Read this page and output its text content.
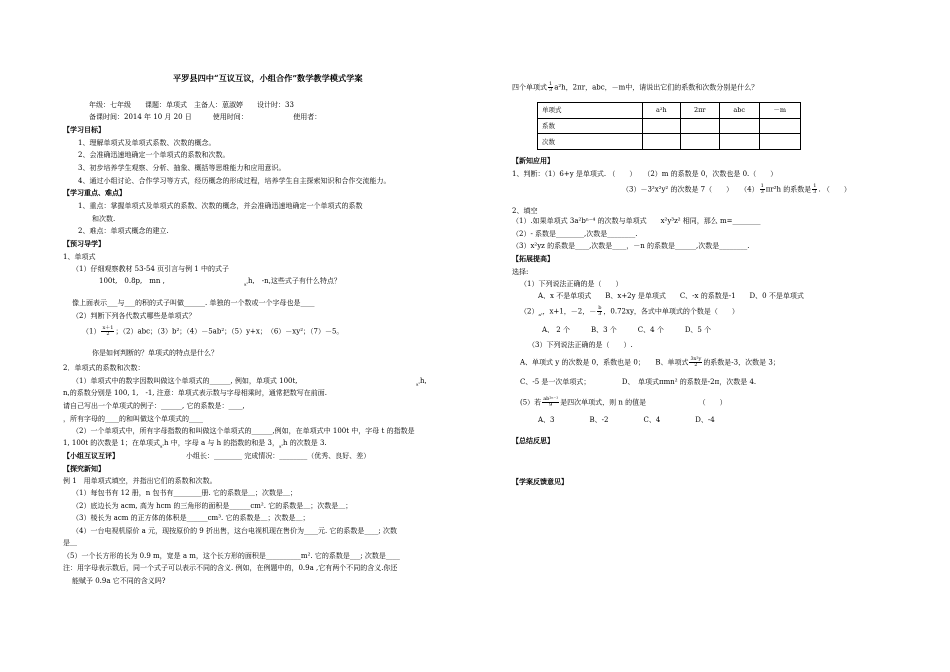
平罗县四中“互议互议，小组合作”数学教学模式学案
年级：七年级　　课题：单项式　主备人：葸淑婷　　设计时：33
备课时间：2014 年 10 月 20 日　　　使用时间：　　　　　　　使用者：
【学习目标】
1、理解单项式及单项式系数、次数的概念。
2、会准确迅速地确定一个单项式的系数和次数。
3、初步培养学生观察、分析、抽象、概括等思维能力和应用意识。
4、通过小组讨论、合作学习等方式，经历概念的形成过程，培养学生自主探索知识和合作交流能力。
【学习重点、难点】
1、重点：掌握单项式及单项式的系数、次数的概念，并会准确迅速地确定一个单项式的系数
和次数.
2、难点：单项式概念的建立.
【预习导学】
1、单项式
（1）仔细观察教材 53-54 页引言与例 1 中的式子
100t,　0.8p,　mn ,	$_{a^2}$h,　-n,这些式子有什么特点？
像上面表示___与___的积的式子叫做______. 单独的一个数或一个字母也是____
（2）判断下列各代数式哪些是单项式？
$(1) \frac{x+1}{2}$ ；（2）abc；（3）b²；（4）－5ab²；（5）y+x；　（6）－xy²；（7）－5。
你是如何判断的？单项式的特点是什么？
2．单项式的系数和次数：
（1）单项式中的数字因数叫做这个单项式的______, 例如，单项式 100t,	$_{a^2}$h,
n,的系数分别是 100, 1,　-1, 注意：单项式表示数与字母相乘时，通常把数写在前面.
请自己写出一个单项式的例子：______, 它的系数是：____,
，所有字母的____的和叫做这个单项式的____
（2）一个单项式中，所有字母指数的和叫做这个单项式的______,例如，在单项式中 100t 中，字母 t 的指数是
1, 100t 的次数是 1；在单项式$_{a^2}$h 中，字母 a 与 h 的指数的和是 3，$_{a^2}$h 的次数是 3.
【小组互议互评】	小组长：________ 完成情况：________（优秀、良好、差）
【探究新知】
例 1　用单项式填空，并指出它们的系数和次数。
（1）每包书有 12 册，n 包书有________册. 它的系数是＿；次数是＿；
（2）底边长为 acm, 高为 hcm 的三角形的面积是______cm². 它的系数是＿；次数是＿；
（3）棱长为 acm 的正方体的体积是______cm³. 它的系数是＿；次数是＿；
（4）一台电视机原价 a 元，现按原价的 9 折出售，这台电视机现在售价为____元. 它的系数是____; 次数
是＿
（5）一个长方形的长为 0.9 m，宽是 a m，这个长方形的面积是__________m². 它的系数是___; 次数是____
注：用字母表示数后，同一个式子可以表示不同的含义. 例如，在例题中的，0.9a ,它有两个不同的含义.你还
能赋予 0.9a 它不同的含义吗?
四个单项式 $\frac{1}{3} a^2h$，2πr，abc，－m中，请说出它们的系数和次数分别是什么？
单项式	a²h	2πr	abc	－m
系数				
次数				
【新知应用】
1、判断：（1）6+y 是单项式. （　　）　　（2）m 的系数是 0，次数也是 0.（　　）
（3）－3²x²y² 的次数是 7（　　）　　$(4) \frac{1}{3} \pi r^2h$ 的系数是 $\frac{1}{3}$ . （　　）
2、填空
（1）.如果单项式 3a²bⁿ⁻⁴ 的次数与单项式　　x²y³z² 相同，那么 m=________
（2）- 系数是________,次数是________.
（3）x²yz 的系数是____,次数是____，－n 的系数是______,次数是________.
【拓展提高】
选择:
（1）下列说法正确的是（　　）
A、x 不是单项式　　B、x+2y 是单项式　　C、-x 的系数是-1　　D、0 不是单项式
$(2)_{a^2}$，x+1，－2，－ $\frac{b}{3}$ ，0.72xy，各式中单项式的个数是（　　）
A、 2 个　　　B、3 个　　　C、4 个　　　D、5 个
（3）下列说法正确的是（　　）.
A、单项式 y 的次数是 0，系数也是 0；　　B、单项式 $\frac{\text{3x²y}}{2}$ 的系数是-3，次数是 3；
C、-5 是一次单项式；　　　　　D、　单项式πmn² 的系数是-2π，次数是 4.
(5）若 $\frac{\text{ab²ⁿ⁻¹}}{9}$ 是四次单项式，则 n 的值是　　　　　　　　（　　）
A、3　　　　　B、-2　　　　　C、4　　　　　D、-4
【总结反思】
【学案反馈意见】
